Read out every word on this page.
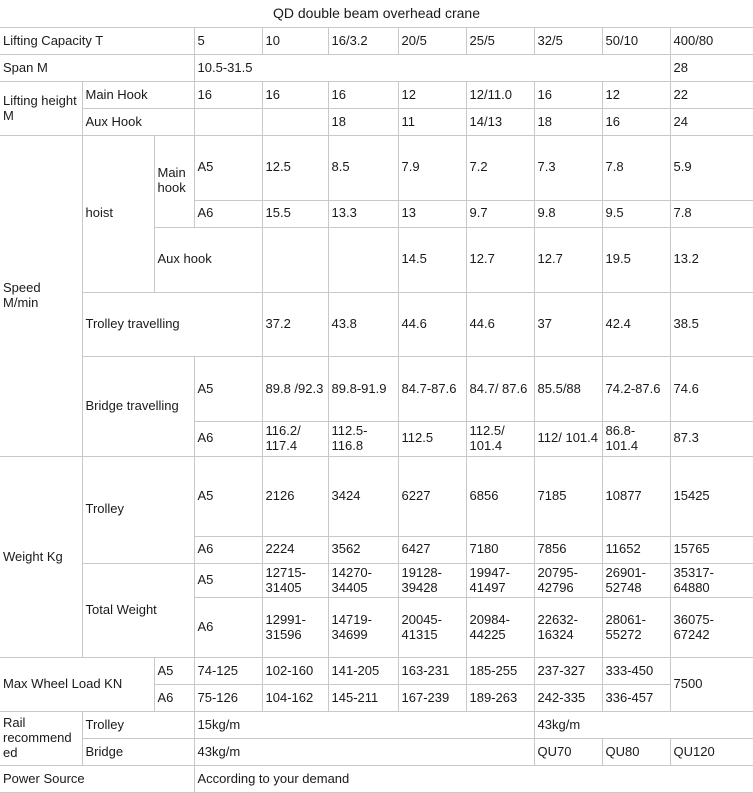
QD double beam overhead crane
Lifting Capacity T			5	10	16/3.2	20/5	25/5	32/5	50/10	400/80	
Span M			10.5-31.5							28	
Lifting height M	Main Hook		16	16	16	12	12/11.0	16	12	22	
	Aux Hook				18	11	14/13	18	16	24	
Speed M/min	hoist	Main hook	A5	12.5	8.5	7.9	7.2	7.3	7.8	5.9	
			A6	15.5	13.3	13	9.7	9.8	9.5	7.8	
		Aux hook				14.5	12.7	12.7	19.5	13.2	

	Trolley travelling			37.2	43.8	44.6	44.6	37	42.4	38.5	

	Bridge travelling		A5	89.8 /92.3	89.8-91.9	84.7-87.6	84.7/ 87.6	85.5/88	74.2-87.6	74.6	
			A6	116.2/ 117.4	112.5-116.8	112.5	112.5/ 101.4	112/ 101.4	86.8-101.4	87.3	
Weight Kg	Trolley		A5	2126	3424	6227	6856	7185	10877	15425	
			A6	2224	3562	6427	7180	7856	11652	15765	
	Total Weight		A5	12715-31405	14270-34405	19128-39428	19947-41497	20795-42796	26901-52748	35317-64880	

			A6	12991-31596	14719-34699	20045-41315	20984-44225	22632-16324	28061-55272	36075-67242	

Max Wheel Load KN		A5	74-125	102-160	141-205	163-231	185-255	237-327	333-450	7500	
		A6	75-126	104-162	145-211	167-239	189-263	242-335	336-457		
Rail recommended	Trolley		15kg/m					43kg/m			
	Bridge		43kg/m					QU70	QU80	QU120	
Power Source			According to your demand								
